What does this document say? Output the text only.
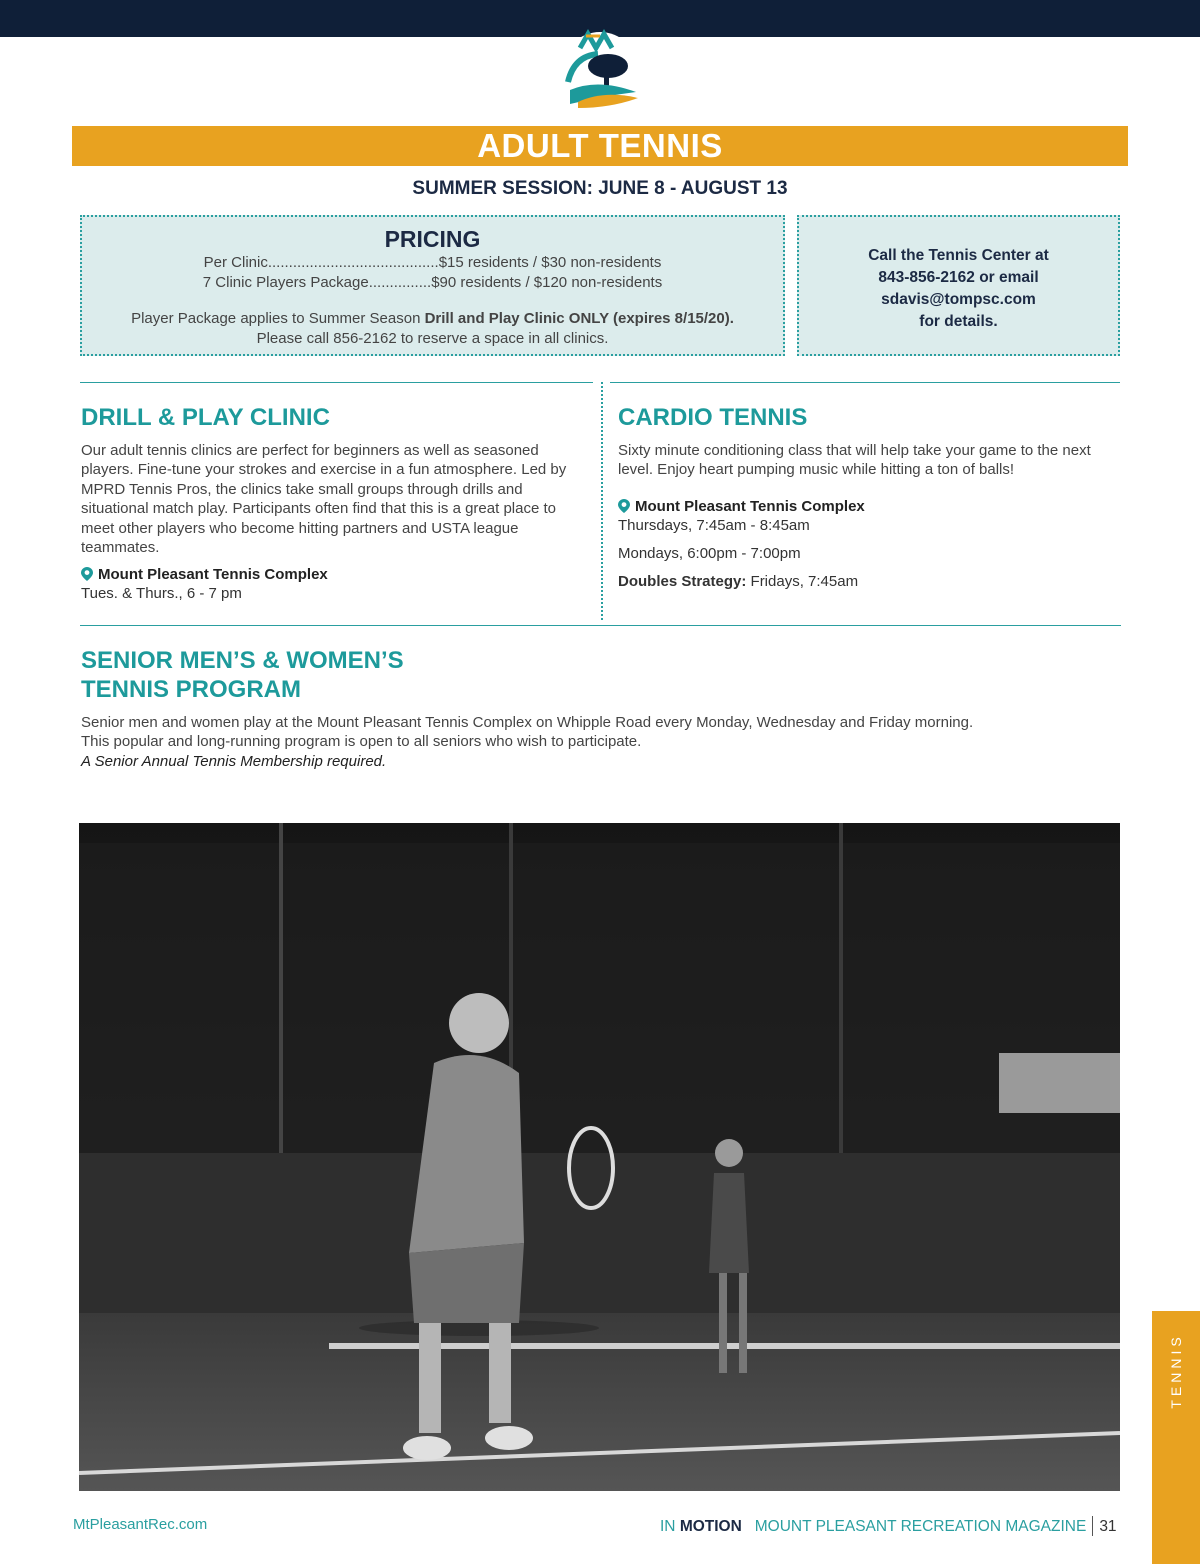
ADULT TENNIS
SUMMER SESSION: JUNE 8 - AUGUST 13
PRICING
Per Clinic.........................................$15 residents / $30 non-residents
7 Clinic Players Package...............$90 residents / $120 non-residents
Player Package applies to Summer Season Drill and Play Clinic ONLY (expires 8/15/20).
Please call 856-2162 to reserve a space in all clinics.
Call the Tennis Center at
843-856-2162 or email
sdavis@tompsc.com
for details.
DRILL & PLAY CLINIC
Our adult tennis clinics are perfect for beginners as well as seasoned players. Fine-tune your strokes and exercise in a fun atmosphere. Led by MPRD Tennis Pros, the clinics take small groups through drills and situational match play. Participants often find that this is a great place to meet other players who become hitting partners and USTA league teammates.
Mount Pleasant Tennis Complex
Tues. & Thurs., 6 - 7 pm
CARDIO TENNIS
Sixty minute conditioning class that will help take your game to the next level. Enjoy heart pumping music while hitting a ton of balls!
Mount Pleasant Tennis Complex
Thursdays, 7:45am - 8:45am
Mondays, 6:00pm - 7:00pm
Doubles Strategy: Fridays, 7:45am
SENIOR MEN’S & WOMEN’S
TENNIS PROGRAM
Senior men and women play at the Mount Pleasant Tennis Complex on Whipple Road every Monday, Wednesday and Friday morning.
This popular and long-running program is open to all seniors who wish to participate.
A Senior Annual Tennis Membership required.
TENNIS
MtPleasantRec.com	IN MOTION MOUNT PLEASANT RECREATION MAGAZINE 31
